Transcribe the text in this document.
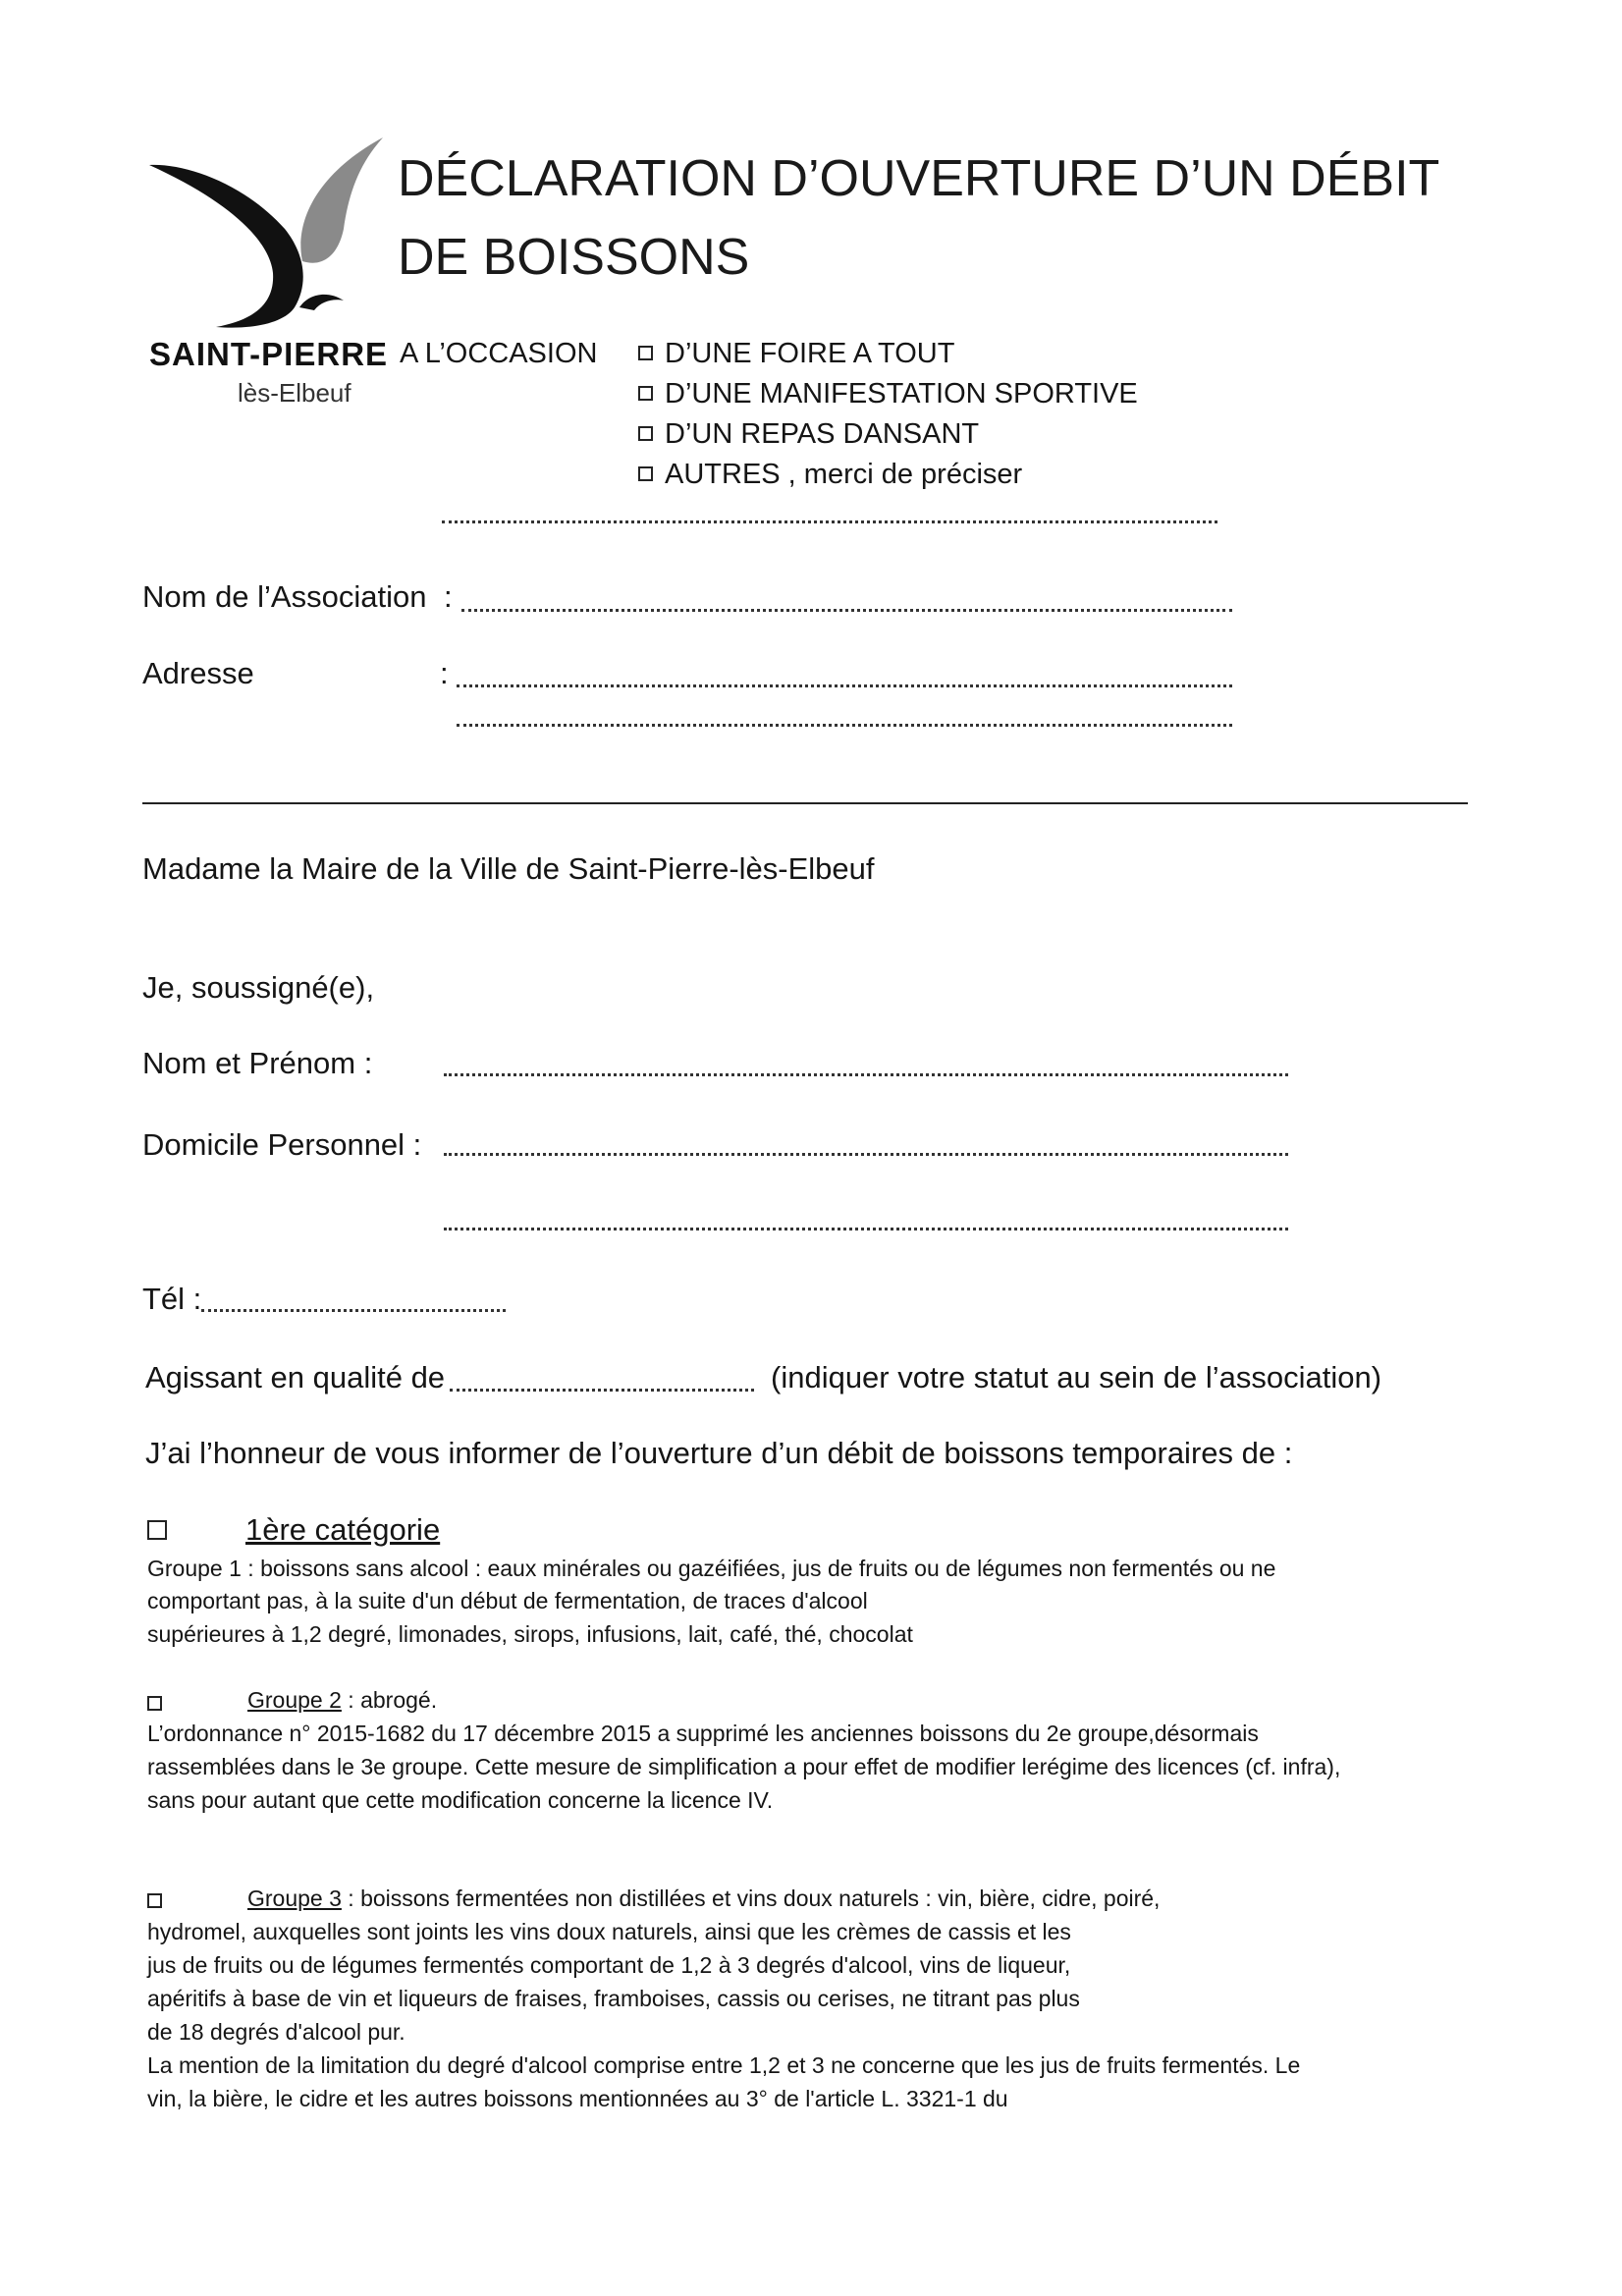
DÉCLARATION D’OUVERTURE D’UN DÉBIT
DE BOISSONS
SAINT-PIERRE
lès-Elbeuf
A L’OCCASION	D’UNE FOIRE A TOUT
D’UNE MANIFESTATION SPORTIVE
D’UN REPAS DANSANT
AUTRES , merci de préciser
Nom de l’Association :
Adresse	:
Madame la Maire de la Ville de Saint-Pierre-lès-Elbeuf
Je, soussigné(e),
Nom et Prénom :
Domicile Personnel :
Tél :
Agissant en qualité de	(indiquer votre statut au sein de l’association)
J’ai l’honneur de vous informer de l’ouverture d’un débit de boissons temporaires de :
1ère catégorie
Groupe 1 : boissons sans alcool : eaux minérales ou gazéifiées, jus de fruits ou de légumes non fermentés ou ne
comportant pas, à la suite d'un début de fermentation, de traces d'alcool
supérieures à 1,2 degré, limonades, sirops, infusions, lait, café, thé, chocolat
Groupe 2 : abrogé.
L’ordonnance n° 2015-1682 du 17 décembre 2015 a supprimé les anciennes boissons du 2e groupe,désormais
rassemblées dans le 3e groupe. Cette mesure de simplification a pour effet de modifier lerégime des licences (cf. infra),
sans pour autant que cette modification concerne la licence IV.
Groupe 3 : boissons fermentées non distillées et vins doux naturels : vin, bière, cidre, poiré,
hydromel, auxquelles sont joints les vins doux naturels, ainsi que les crèmes de cassis et les
jus de fruits ou de légumes fermentés comportant de 1,2 à 3 degrés d'alcool, vins de liqueur,
apéritifs à base de vin et liqueurs de fraises, framboises, cassis ou cerises, ne titrant pas plus
de 18 degrés d'alcool pur.
La mention de la limitation du degré d'alcool comprise entre 1,2 et 3 ne concerne que les jus de fruits fermentés. Le
vin, la bière, le cidre et les autres boissons mentionnées au 3° de l'article L. 3321-1 du
